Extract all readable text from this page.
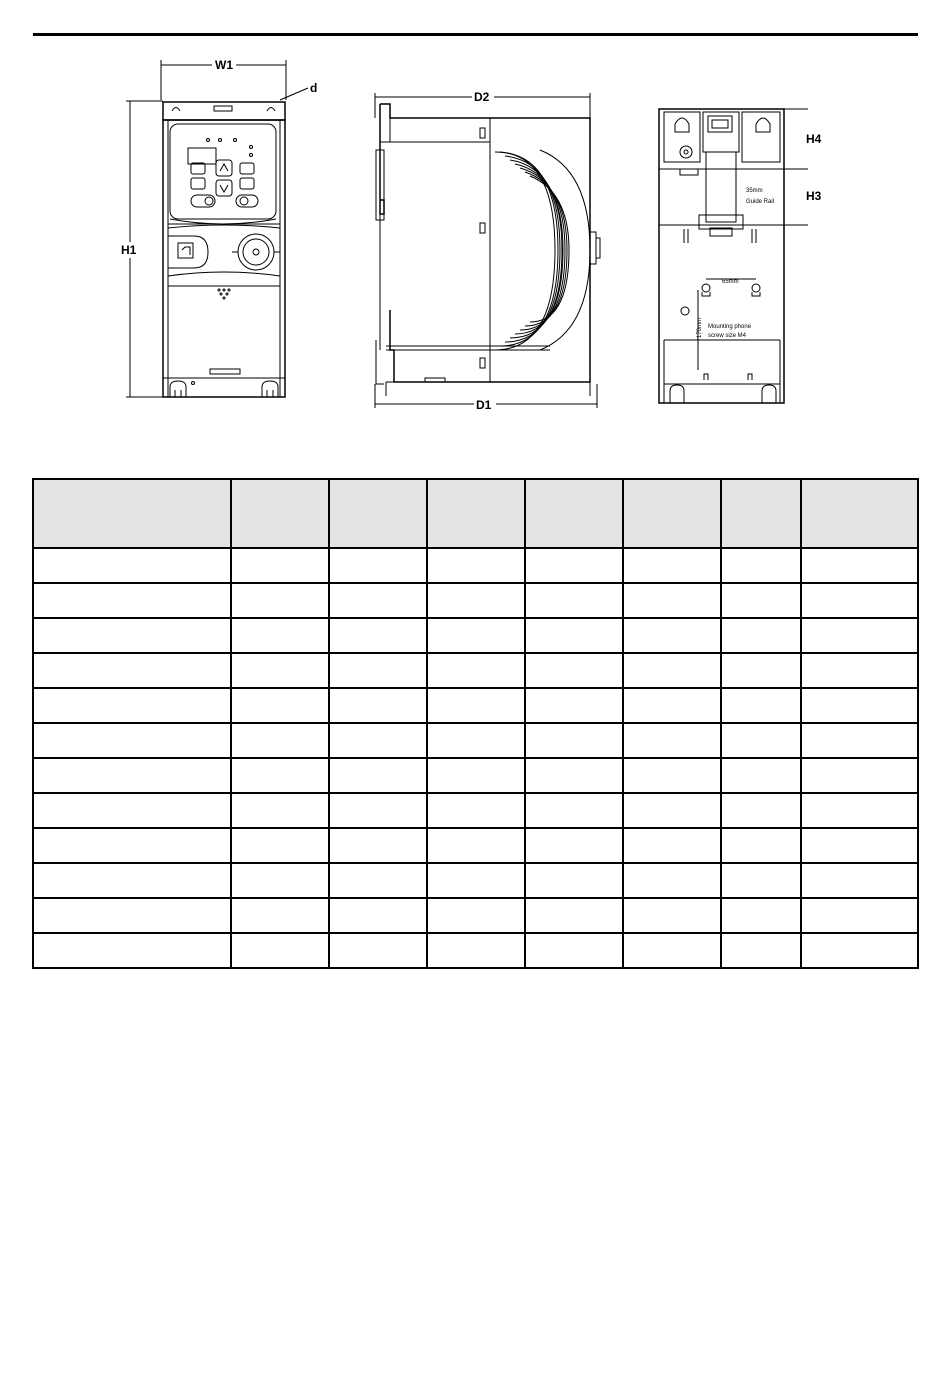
W1
d
H1
D2
D1
H4
H3
35mm
Guide Rail
65mm
Mounting phone
screw size M4
170mm
